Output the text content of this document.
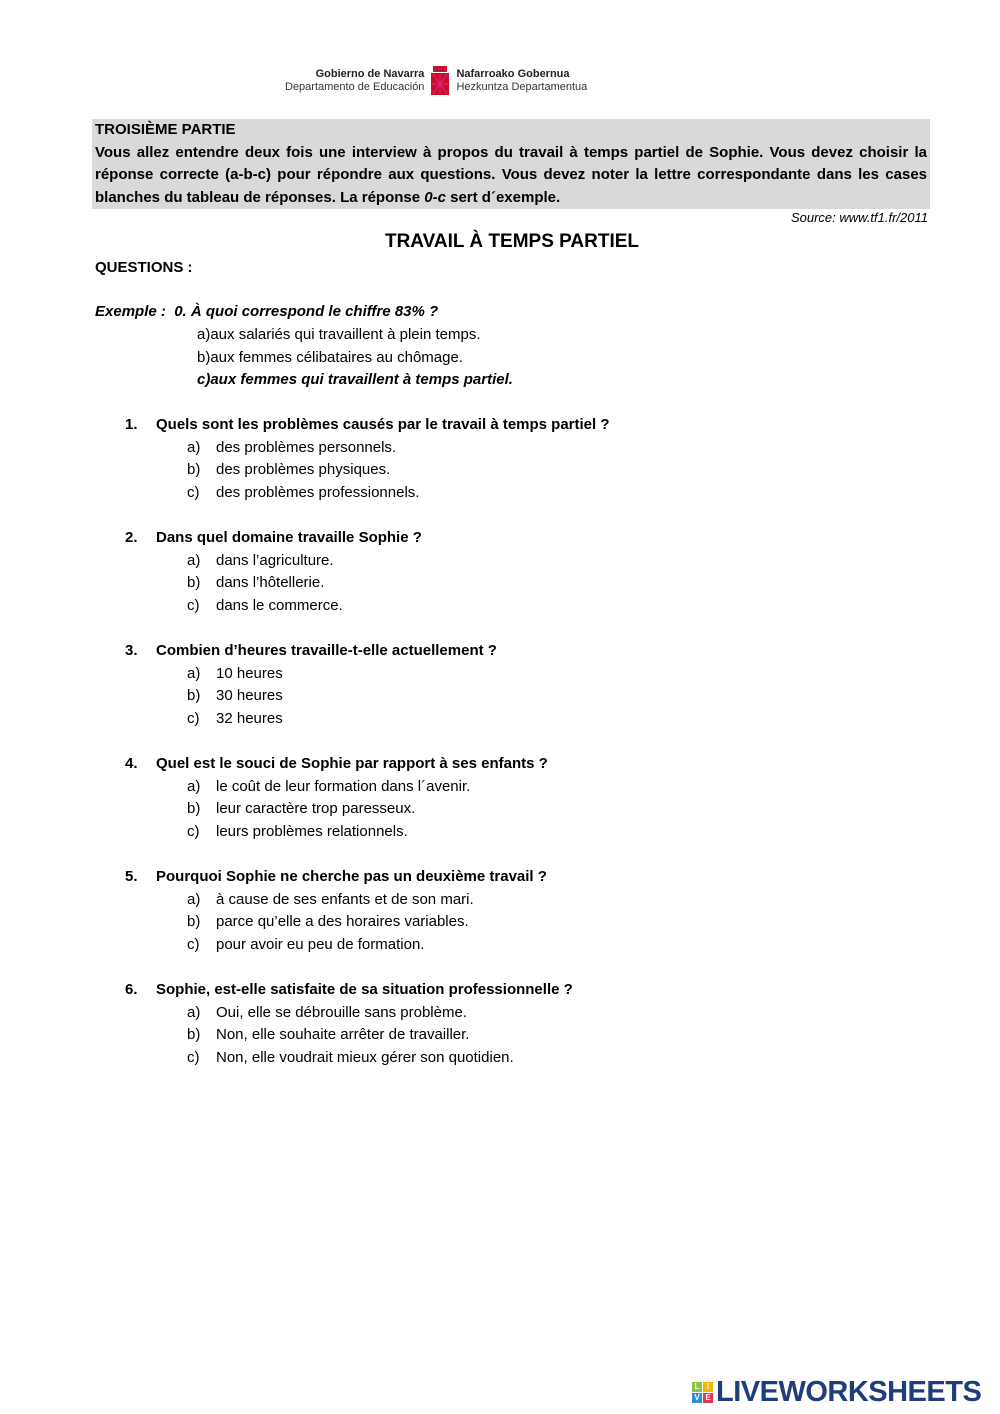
Gobierno de Navarra
Departamento de Educación
Nafarroako Gobernua
Hezkuntza Departamentua
TROISIÈME PARTIE
Vous allez entendre deux fois une interview à propos du travail à temps partiel de Sophie. Vous devez choisir la réponse correcte (a-b-c) pour répondre aux questions. Vous devez noter la lettre correspondante dans les cases blanches du tableau de réponses. La réponse 0-c sert d´exemple.
Source: www.tf1.fr/2011
TRAVAIL À TEMPS PARTIEL
QUESTIONS :
Exemple : 0. À quoi correspond le chiffre 83% ?
a)aux salariés qui travaillent à plein temps.
b)aux femmes célibataires au chômage.
c)aux femmes qui travaillent à temps partiel.
1. Quels sont les problèmes causés par le travail à temps partiel ?
a) des problèmes personnels.
b) des problèmes physiques.
c) des problèmes professionnels.
2. Dans quel domaine travaille Sophie ?
a) dans l’agriculture.
b) dans l’hôtellerie.
c) dans le commerce.
3. Combien d’heures travaille-t-elle actuellement ?
a) 10 heures
b) 30 heures
c) 32 heures
4. Quel est le souci de Sophie par rapport à ses enfants ?
a) le coût de leur formation dans l´avenir.
b) leur caractère trop paresseux.
c) leurs problèmes relationnels.
5. Pourquoi Sophie ne cherche pas un deuxième travail ?
a) à cause de ses enfants et de son mari.
b) parce qu’elle a des horaires variables.
c) pour avoir eu peu de formation.
6. Sophie, est-elle satisfaite de sa situation professionnelle ?
a) Oui, elle se débrouille sans problème.
b) Non, elle souhaite arrêter de travailler.
c) Non, elle voudrait mieux gérer son quotidien.
L I
V E LIVEWORKSHEETS
